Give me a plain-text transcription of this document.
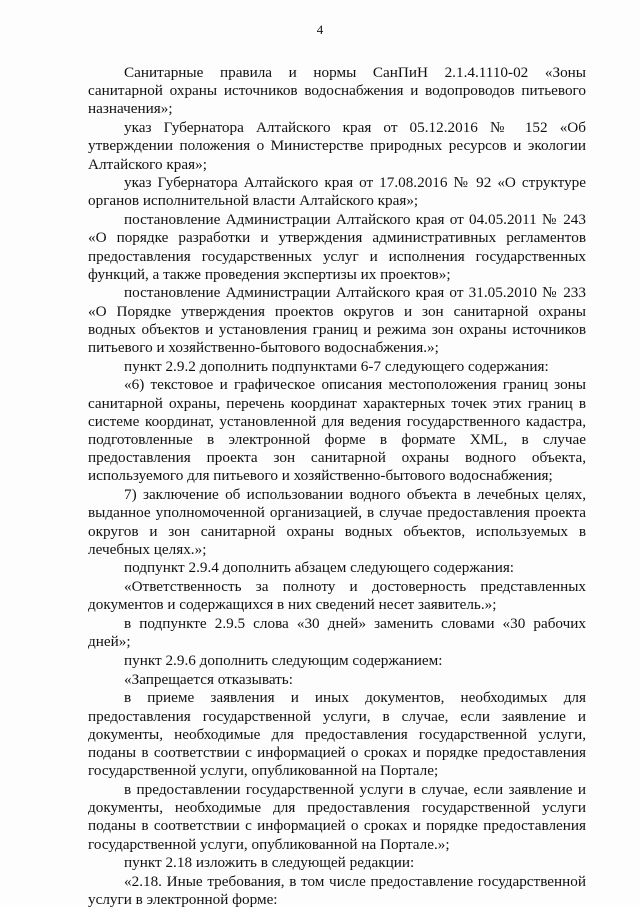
4

Санитарные правила и нормы СанПиН 2.1.4.1110-02 «Зоны санитарной охраны источников водоснабжения и водопроводов питьевого назначения»;

указ Губернатора Алтайского края от 05.12.2016 № 152 «Об утверждении положения о Министерстве природных ресурсов и экологии Алтайского края»;

указ Губернатора Алтайского края от 17.08.2016 № 92 «О структуре органов исполнительной власти Алтайского края»;

постановление Администрации Алтайского края от 04.05.2011 № 243 «О порядке разработки и утверждения административных регламентов предоставления государственных услуг и исполнения государственных функций, а также проведения экспертизы их проектов»;

постановление Администрации Алтайского края от 31.05.2010 № 233 «О Порядке утверждения проектов округов и зон санитарной охраны водных объектов и установления границ и режима зон охраны источников питьевого и хозяйственно-бытового водоснабжения.»;

пункт 2.9.2 дополнить подпунктами 6-7 следующего содержания:

«6) текстовое и графическое описания местоположения границ зоны санитарной охраны, перечень координат характерных точек этих границ в системе координат, установленной для ведения государственного кадастра, подготовленные в электронной форме в формате XML, в случае предоставления проекта зон санитарной охраны водного объекта, используемого для питьевого и хозяйственно-бытового водоснабжения;

7) заключение об использовании водного объекта в лечебных целях, выданное уполномоченной организацией, в случае предоставления проекта округов и зон санитарной охраны водных объектов, используемых в лечебных целях.»;

подпункт 2.9.4 дополнить абзацем следующего содержания:

«Ответственность за полноту и достоверность представленных документов и содержащихся в них сведений несет заявитель.»;

в подпункте 2.9.5 слова «30 дней» заменить словами «30 рабочих дней»;

пункт 2.9.6 дополнить следующим содержанием:

«Запрещается отказывать:

в приеме заявления и иных документов, необходимых для предоставления государственной услуги, в случае, если заявление и документы, необходимые для предоставления государственной услуги, поданы в соответствии с информацией о сроках и порядке предоставления государственной услуги, опубликованной на Портале;

в предоставлении государственной услуги в случае, если заявление и документы, необходимые для предоставления государственной услуги поданы в соответствии с информацией о сроках и порядке предоставления государственной услуги, опубликованной на Портале.»;

пункт 2.18 изложить в следующей редакции:

«2.18. Иные требования, в том числе предоставление государственной услуги в электронной форме:
